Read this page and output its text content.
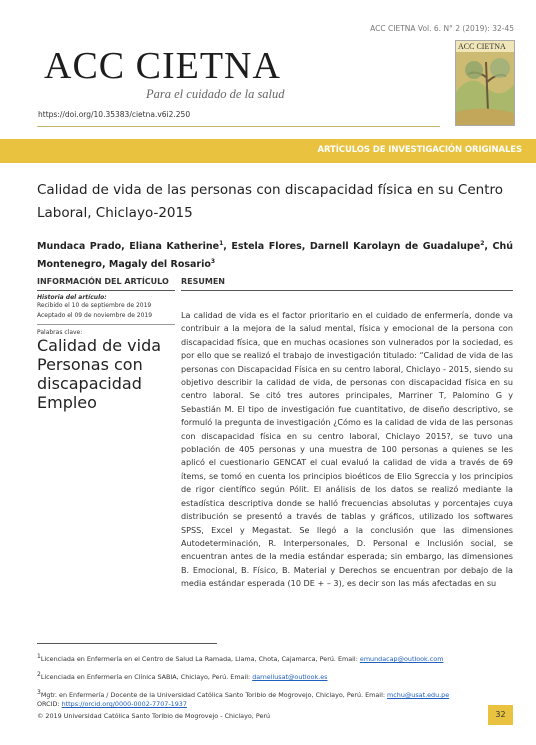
ACC CIETNA Vol. 6. N° 2 (2019): 32-45
ACC CIETNA
Para el cuidado de la salud
ACC CIETNA
https://doi.org/10.35383/cietna.v6i2.250
ARTÍCULOS DE INVESTIGACIÓN ORIGINALES
Calidad de vida de las personas con discapacidad física en su Centro Laboral, Chiclayo-2015
Mundaca Prado, Eliana Katherine$^1$, Estela Flores, Darnell Karolayn de Guadalupe$^2$, Chú Montenegro, Magaly del Rosario$^3$
INFORMACIÓN DEL ARTÍCULO
Historia del artículo:
Recibido el 10 de septiembre de 2019
Aceptado el 09 de noviembre de 2019
Palabras clave:
Calidad de vida
Personas con discapacidad
Empleo
RESUMEN

La calidad de vida es el factor prioritario en el cuidado de enfermería, donde va contribuir a la mejora de la salud mental, física y emocional de la persona con discapacidad física, que en muchas ocasiones son vulnerados por la sociedad, es por ello que se realizó el trabajo de investigación titulado: “Calidad de vida de las personas con Discapacidad Física en su centro laboral, Chiclayo - 2015, siendo su objetivo describir la calidad de vida, de personas con discapacidad física en su centro laboral. Se citó tres autores principales, Marriner T, Palomino G y Sebastián M. El tipo de investigación fue cuantitativo, de diseño descriptivo, se formuló la pregunta de investigación ¿Cómo es la calidad de vida de las personas con discapacidad física en su centro laboral, Chiclayo 2015?, se tuvo una población de 405 personas y una muestra de 100 personas a quienes se les aplicó el cuestionario GENCAT el cual evaluó la calidad de vida a través de 69 ítems, se tomó en cuenta los principios bioéticos de Elio Sgreccia y los principios de rigor científico según Pólit. El análisis de los datos se realizó mediante la estadística descriptiva donde se halló frecuencias absolutas y porcentajes cuya distribución se presentó a través de tablas y gráficos, utilizado los softwares SPSS, Excel y Megastat. Se llegó a la conclusión que las dimensiones Autodeterminación, R. Interpersonales, D. Personal e Inclusión social, se encuentran antes de la media estándar esperada; sin embargo, las dimensiones B. Emocional, B. Físico, B. Material y Derechos se encuentran por debajo de la media estándar esperada (10 DE + – 3), es decir son las más afectadas en su

$^1$Licenciada en Enfermería en el Centro de Salud La Ramada, Llama, Chota, Cajamarca, Perú. Email: emundacap@outlook.com

$^2$Licenciada en Enfermería en Clínica SABIA, Chiclayo, Perú. Email: darnellusat@outlook.es

$^3$Mgtr. en Enfermería / Docente de la Universidad Católica Santo Toribio de Mogrovejo, Chiclayo, Perú. Email: mchu@usat.edu.pe
ORCID: https://orcid.org/0000-0002-7707-1937

© 2019 Universidad Católica Santo Toribio de Mogrovejo - Chiclayo, Perú	32
